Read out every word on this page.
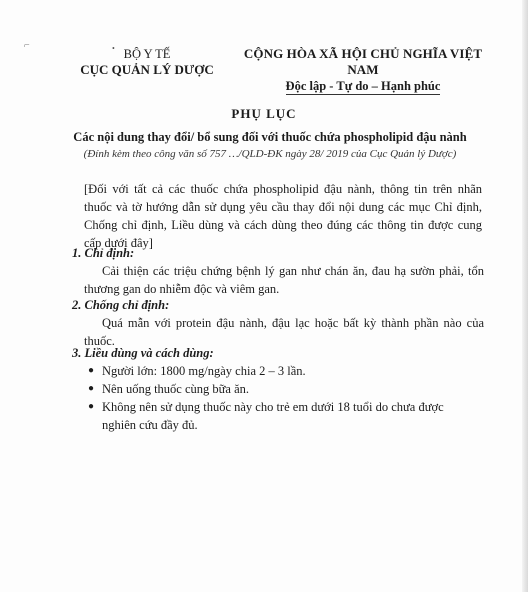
⌐	• BỘ Y TẾ
CỤC QUẢN LÝ DƯỢC
CỘNG HÒA XÃ HỘI CHỦ NGHĨA VIỆT NAM
Độc lập - Tự do – Hạnh phúc
PHỤ LỤC
Các nội dung thay đổi/ bổ sung đối với thuốc chứa phospholipid đậu nành
(Đính kèm theo công văn số 757 …/QLD-ĐK ngày 28/ 2019 của Cục Quản lý Dược)
[Đối với tất cả các thuốc chứa phospholipid đậu nành, thông tin trên nhãn thuốc và tờ hướng dẫn sử dụng yêu cầu thay đổi nội dung các mục Chỉ định, Chống chỉ định, Liều dùng và cách dùng theo đúng các thông tin được cung cấp dưới đây]
1. Chỉ định:
Cải thiện các triệu chứng bệnh lý gan như chán ăn, đau hạ sườn phải, tổn thương gan do nhiễm độc và viêm gan.
2. Chống chỉ định:
Quá mẫn với protein đậu nành, đậu lạc hoặc bất kỳ thành phần nào của thuốc.
3. Liều dùng và cách dùng:
● Người lớn: 1800 mg/ngày chia 2 – 3 lần.
● Nên uống thuốc cùng bữa ăn.
● Không nên sử dụng thuốc này cho trẻ em dưới 18 tuổi do chưa được nghiên cứu đầy đủ.
